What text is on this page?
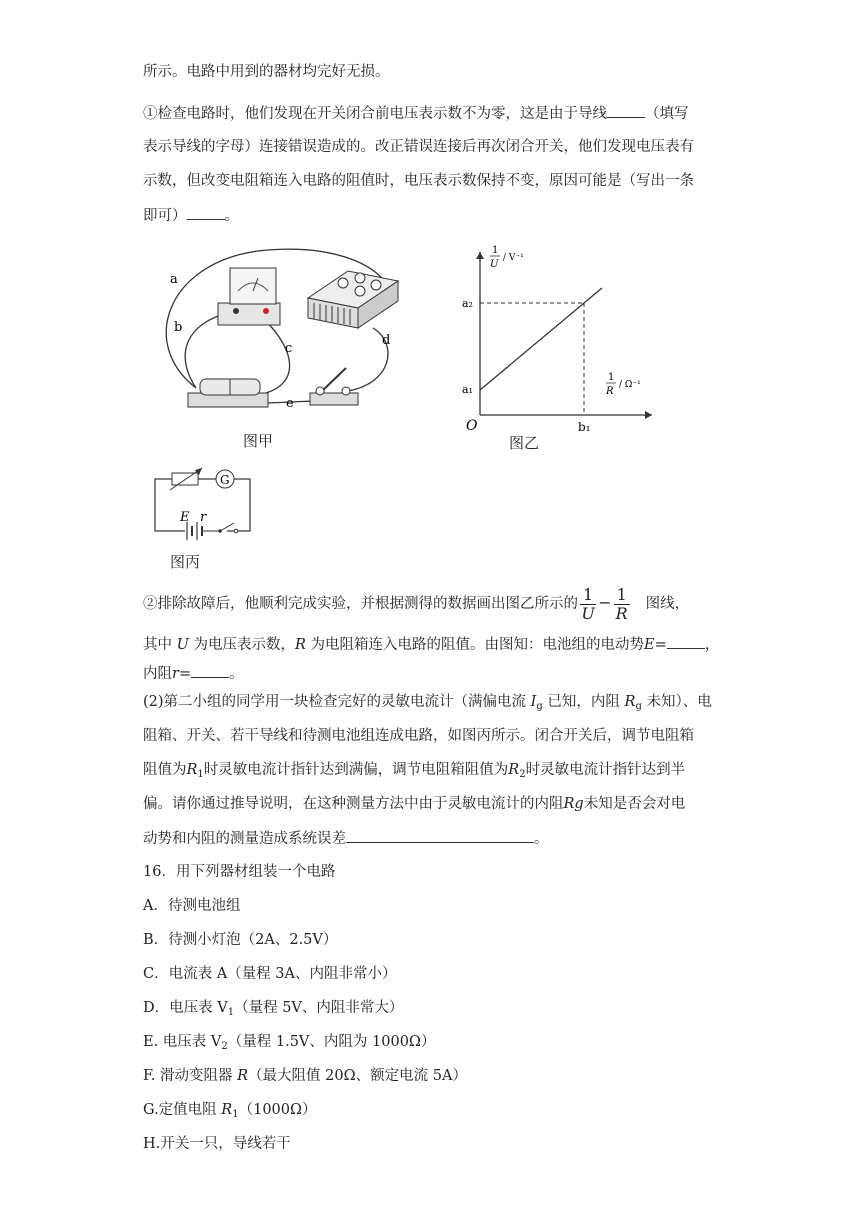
所示。电路中用到的器材均完好无损。
①检查电路时，他们发现在开关闭合前电压表示数不为零，这是由于导线	（填写
表示导线的字母）连接错误造成的。改正错误连接后再次闭合开关，他们发现电压表有
示数，但改变电阻箱连入电路的阻值时，电压表示数保持不变，原因可能是（写出一条
即可）	。
a
b
c
d
e
图甲
1
U
/ V⁻¹
1
R
/ Ω⁻¹
a₂
a₁
b₁
O
图乙
G
E r
图丙
②排除故障后，他顺利完成实验，并根据测得的数据画出图乙所示的 $\frac{1}{U} - \frac{1}{R}$ 图线，
其中 U 为电压表示数，R 为电阻箱连入电路的阻值。由图知：电池组的电动势E=	，
内阻r=	。
(2)第二小组的同学用一块检查完好的灵敏电流计（满偏电流 $I_g$ 已知，内阻 $R_g$ 未知）、电
阻箱、开关、若干导线和待测电池组连成电路，如图丙所示。闭合开关后，调节电阻箱
阻值为$R_1$时灵敏电流计指针达到满偏，调节电阻箱阻值为$R_2$时灵敏电流计指针达到半
偏。请你通过推导说明，在这种测量方法中由于灵敏电流计的内阻Rg未知是否会对电
动势和内阻的测量造成系统误差	。
16．用下列器材组装一个电路
A．待测电池组
B．待测小灯泡（2A、2.5V）
C．电流表 A（量程 3A、内阻非常小）
D．电压表 $V_1$（量程 5V、内阻非常大）
E. 电压表 $V_2$（量程 1.5V、内阻为 1000Ω）
F. 滑动变阻器 R（最大阻值 20Ω、额定电流 5A）
G.定值电阻 $R_1(1000\Omega)$
H.开关一只，导线若干
